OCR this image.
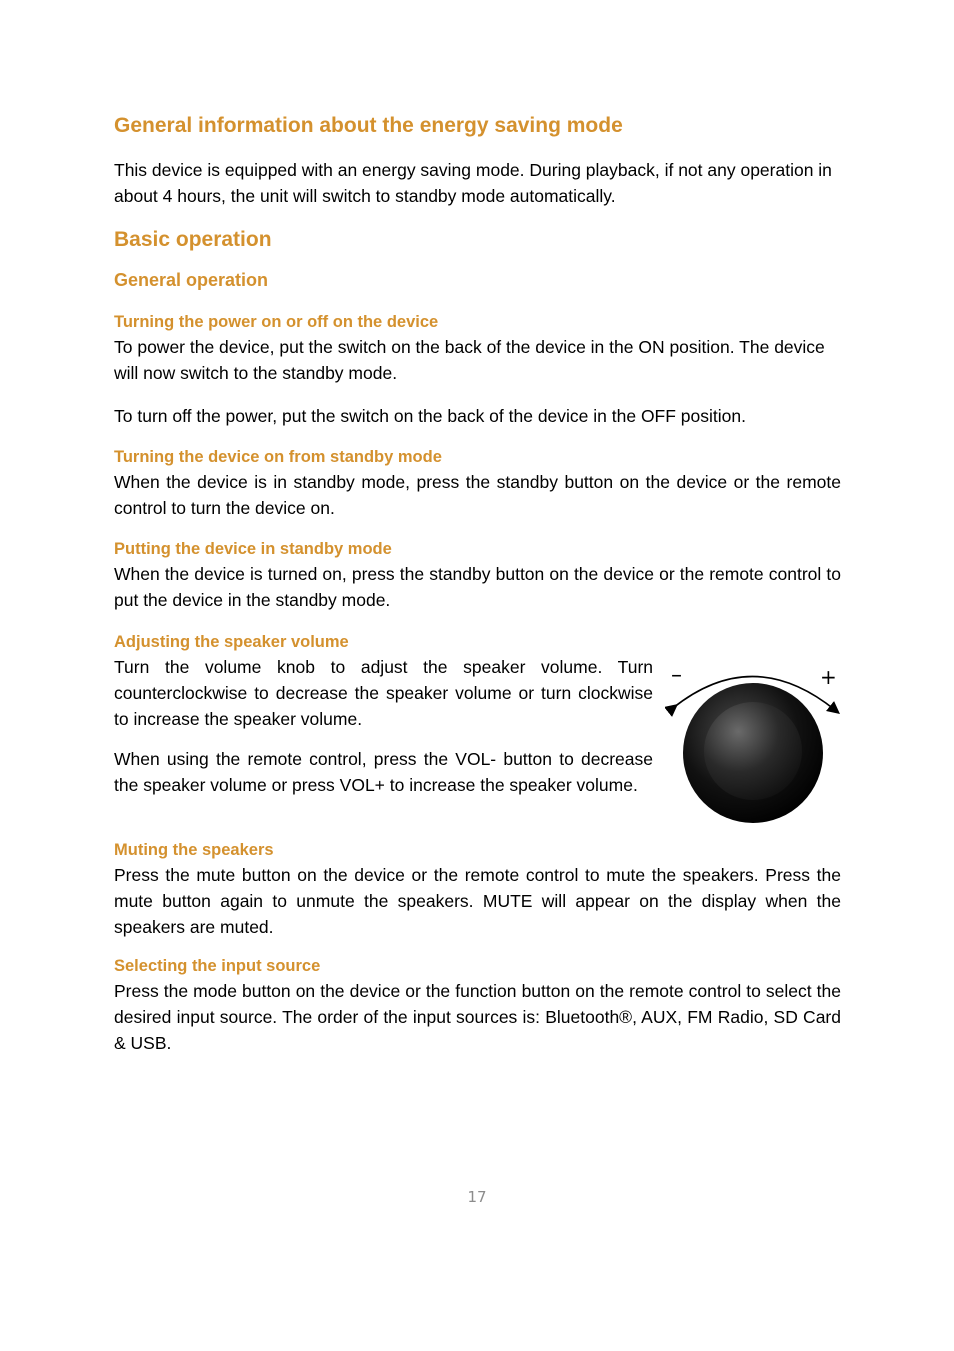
General information about the energy saving mode
This device is equipped with an energy saving mode. During playback, if not any operation in about 4 hours, the unit will switch to standby mode automatically.
Basic operation
General operation
Turning the power on or off on the device
To power the device, put the switch on the back of the device in the ON position. The device will now switch to the standby mode.
To turn off the power, put the switch on the back of the device in the OFF position.
Turning the device on from standby mode
When the device is in standby mode, press the standby button on the device or the remote control to turn the device on.
Putting the device in standby mode
When the device is turned on, press the standby button on the device or the remote control to put the device in the standby mode.
Adjusting the speaker volume
Turn the volume knob to adjust the speaker volume. Turn counterclockwise to decrease the speaker volume or turn clockwise to increase the speaker volume.
When using the remote control, press the VOL- button to decrease the speaker volume or press VOL+ to increase the speaker volume.
Muting the speakers
Press the mute button on the device or the remote control to mute the speakers. Press the mute button again to unmute the speakers. MUTE will appear on the display when the speakers are muted.
Selecting the input source
Press the mode button on the device or the function button on the remote control to select the desired input source. The order of the input sources is: Bluetooth®, AUX, FM Radio, SD Card & USB.
–	+
17
